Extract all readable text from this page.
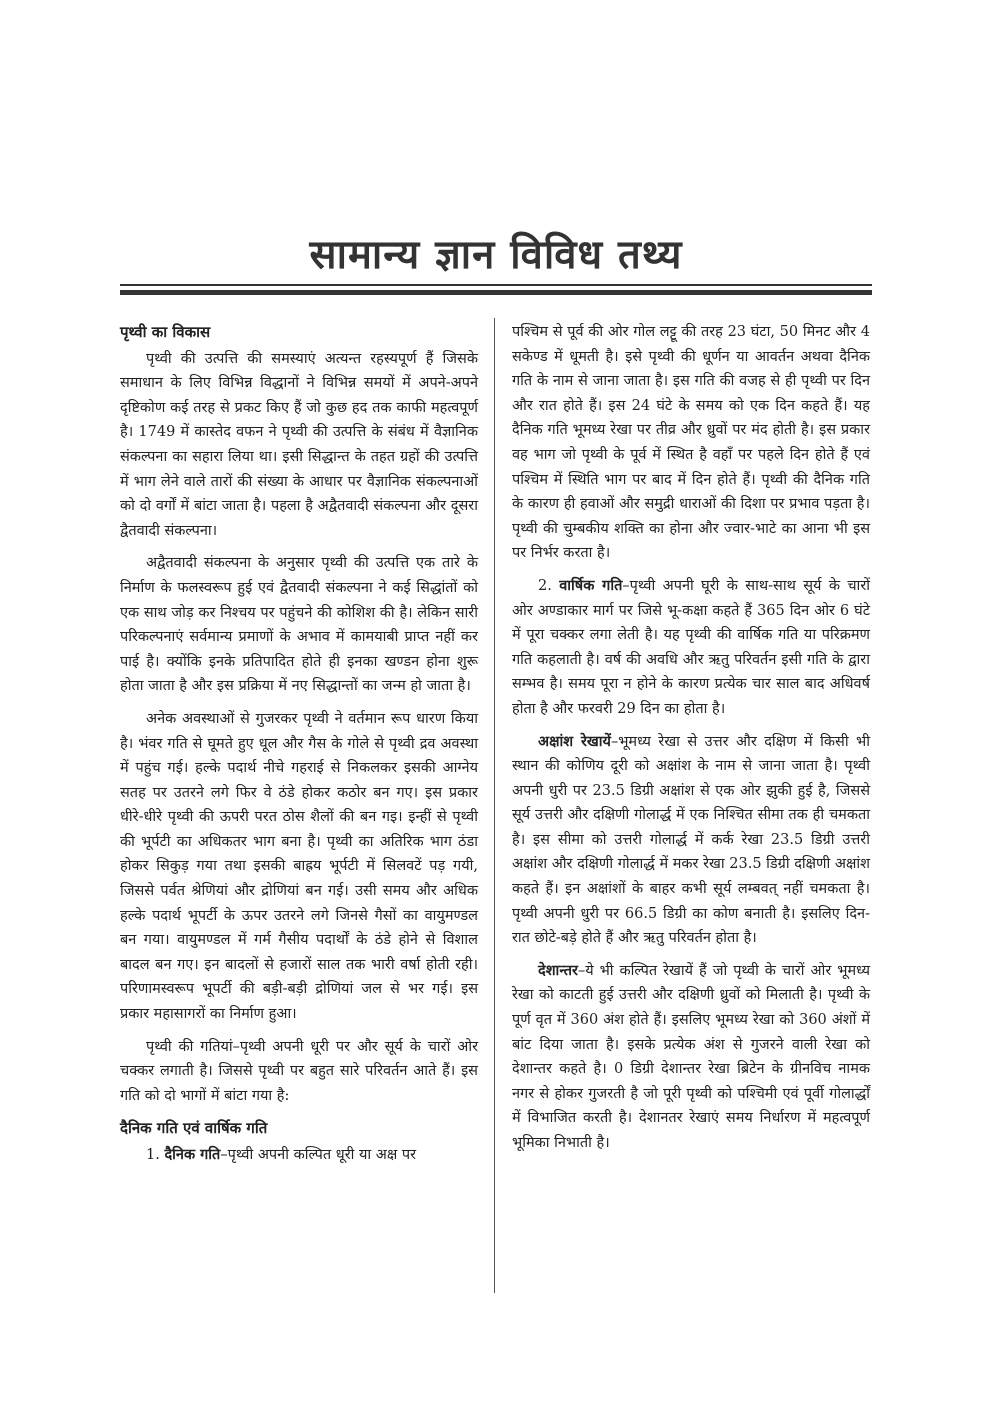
सामान्य ज्ञान विविध तथ्य
पृथ्वी का विकास

पृथ्वी की उत्पत्ति की समस्याएं अत्यन्त रहस्यपूर्ण हैं जिसके समाधान के लिए विभिन्न विद्धानों ने विभिन्न समयों में अपने-अपने दृष्टिकोण कई तरह से प्रकट किए हैं जो कुछ हद तक काफी महत्वपूर्ण है। 1749 में कास्तेद वफन ने पृथ्वी की उत्पत्ति के संबंध में वैज्ञानिक संकल्पना का सहारा लिया था। इसी सिद्धान्त के तहत ग्रहों की उत्पत्ति में भाग लेने वाले तारों की संख्या के आधार पर वैज्ञानिक संकल्पनाओं को दो वर्गों में बांटा जाता है। पहला है अद्वैतवादी संकल्पना और दूसरा द्वैतवादी संकल्पना।

अद्वैतवादी संकल्पना के अनुसार पृथ्वी की उत्पत्ति एक तारे के निर्माण के फलस्वरूप हुई एवं द्वैतवादी संकल्पना ने कई सिद्धांतों को एक साथ जोड़ कर निश्चय पर पहुंचने की कोशिश की है। लेकिन सारी परिकल्पनाएं सर्वमान्य प्रमाणों के अभाव में कामयाबी प्राप्त नहीं कर पाई है। क्योंकि इनके प्रतिपादित होते ही इनका खण्डन होना शुरू होता जाता है और इस प्रक्रिया में नए सिद्धान्तों का जन्म हो जाता है।

अनेक अवस्थाओं से गुजरकर पृथ्वी ने वर्तमान रूप धारण किया है। भंवर गति से घूमते हुए धूल और गैस के गोले से पृथ्वी द्रव अवस्था में पहुंच गई। हल्के पदार्थ नीचे गहराई से निकलकर इसकी आग्नेय सतह पर उतरने लगे फिर वे ठंडे होकर कठोर बन गए। इस प्रकार धीरे-धीरे पृथ्वी की ऊपरी परत ठोस शैलों की बन गइ। इन्हीं से पृथ्वी की भूर्पटी का अधिकतर भाग बना है। पृथ्वी का अतिरिक भाग ठंडा होकर सिकुड़ गया तथा इसकी बाह्रय भूर्पटी में सिलवटें पड़ गयी, जिससे पर्वत श्रेणियां और द्रोणियां बन गई। उसी समय और अधिक हल्के पदार्थ भूपर्टी के ऊपर उतरने लगे जिनसे गैसों का वायुमण्डल बन गया। वायुमण्डल में गर्म गैसीय पदार्थों के ठंडे होने से विशाल बादल बन गए। इन बादलों से हजारों साल तक भारी वर्षा होती रही। परिणामस्वरूप भूपर्टी की बड़ी-बड़ी द्रोणियां जल से भर गई। इस प्रकार महासागरों का निर्माण हुआ।

पृथ्वी की गतियां–पृथ्वी अपनी धूरी पर और सूर्य के चारों ओर चक्कर लगाती है। जिससे पृथ्वी पर बहुत सारे परिवर्तन आते हैं। इस गति को दो भागों में बांटा गया है:

दैनिक गति एवं वार्षिक गति

1. दैनिक गति–पृथ्वी अपनी कल्पित धूरी या अक्ष पर

पश्चिम से पूर्व की ओर गोल लट्टू की तरह 23 घंटा, 50 मिनट और 4 सकेण्ड में धूमती है। इसे पृथ्वी की धूर्णन या आवर्तन अथवा दैनिक गति के नाम से जाना जाता है। इस गति की वजह से ही पृथ्वी पर दिन और रात होते हैं। इस 24 घंटे के समय को एक दिन कहते हैं। यह दैनिक गति भूमध्य रेखा पर तीव्र और ध्रुवों पर मंद होती है। इस प्रकार वह भाग जो पृथ्वी के पूर्व में स्थित है वहाँ पर पहले दिन होते हैं एवं पश्चिम में स्थिति भाग पर बाद में दिन होते हैं। पृथ्वी की दैनिक गति के कारण ही हवाओं और समुद्री धाराओं की दिशा पर प्रभाव पड़ता है। पृथ्वी की चुम्बकीय शक्ति का होना और ज्वार-भाटे का आना भी इस पर निर्भर करता है।

2. वार्षिक गति–पृथ्वी अपनी घूरी के साथ-साथ सूर्य के चारों ओर अण्डाकार मार्ग पर जिसे भू-कक्षा कहते हैं 365 दिन ओर 6 घंटे में पूरा चक्कर लगा लेती है। यह पृथ्वी की वार्षिक गति या परिक्रमण गति कहलाती है। वर्ष की अवधि और ऋतु परिवर्तन इसी गति के द्वारा सम्भव है। समय पूरा न होने के कारण प्रत्येक चार साल बाद अधिवर्ष होता है और फरवरी 29 दिन का होता है।

अक्षांश रेखायें–भूमध्य रेखा से उत्तर और दक्षिण में किसी भी स्थान की कोणिय दूरी को अक्षांश के नाम से जाना जाता है। पृथ्वी अपनी धुरी पर 23.5 डिग्री अक्षांश से एक ओर झुकी हुई है, जिससे सूर्य उत्तरी और दक्षिणी गोलार्द्ध में एक निश्चित सीमा तक ही चमकता है। इस सीमा को उत्तरी गोलार्द्ध में कर्क रेखा 23.5 डिग्री उत्तरी अक्षांश और दक्षिणी गोलार्द्ध में मकर रेखा 23.5 डिग्री दक्षिणी अक्षांश कहते हैं। इन अक्षांशों के बाहर कभी सूर्य लम्बवत् नहीं चमकता है। पृथ्वी अपनी धुरी पर 66.5 डिग्री का कोण बनाती है। इसलिए दिन-रात छोटे-बड़े होते हैं और ऋतु परिवर्तन होता है।

देशान्तर–ये भी कल्पित रेखायें हैं जो पृथ्वी के चारों ओर भूमध्य रेखा को काटती हुई उत्तरी और दक्षिणी ध्रुवों को मिलाती है। पृथ्वी के पूर्ण वृत में 360 अंश होते हैं। इसलिए भूमध्य रेखा को 360 अंशों में बांट दिया जाता है। इसके प्रत्येक अंश से गुजरने वाली रेखा को देशान्तर कहते है। 0 डिग्री देशान्तर रेखा ब्रिटेन के ग्रीनविच नामक नगर से होकर गुजरती है जो पूरी पृथ्वी को पश्चिमी एवं पूर्वी गोलार्द्धों में विभाजित करती है। देशानतर रेखाएं समय निर्धारण में महत्वपूर्ण भूमिका निभाती है।
